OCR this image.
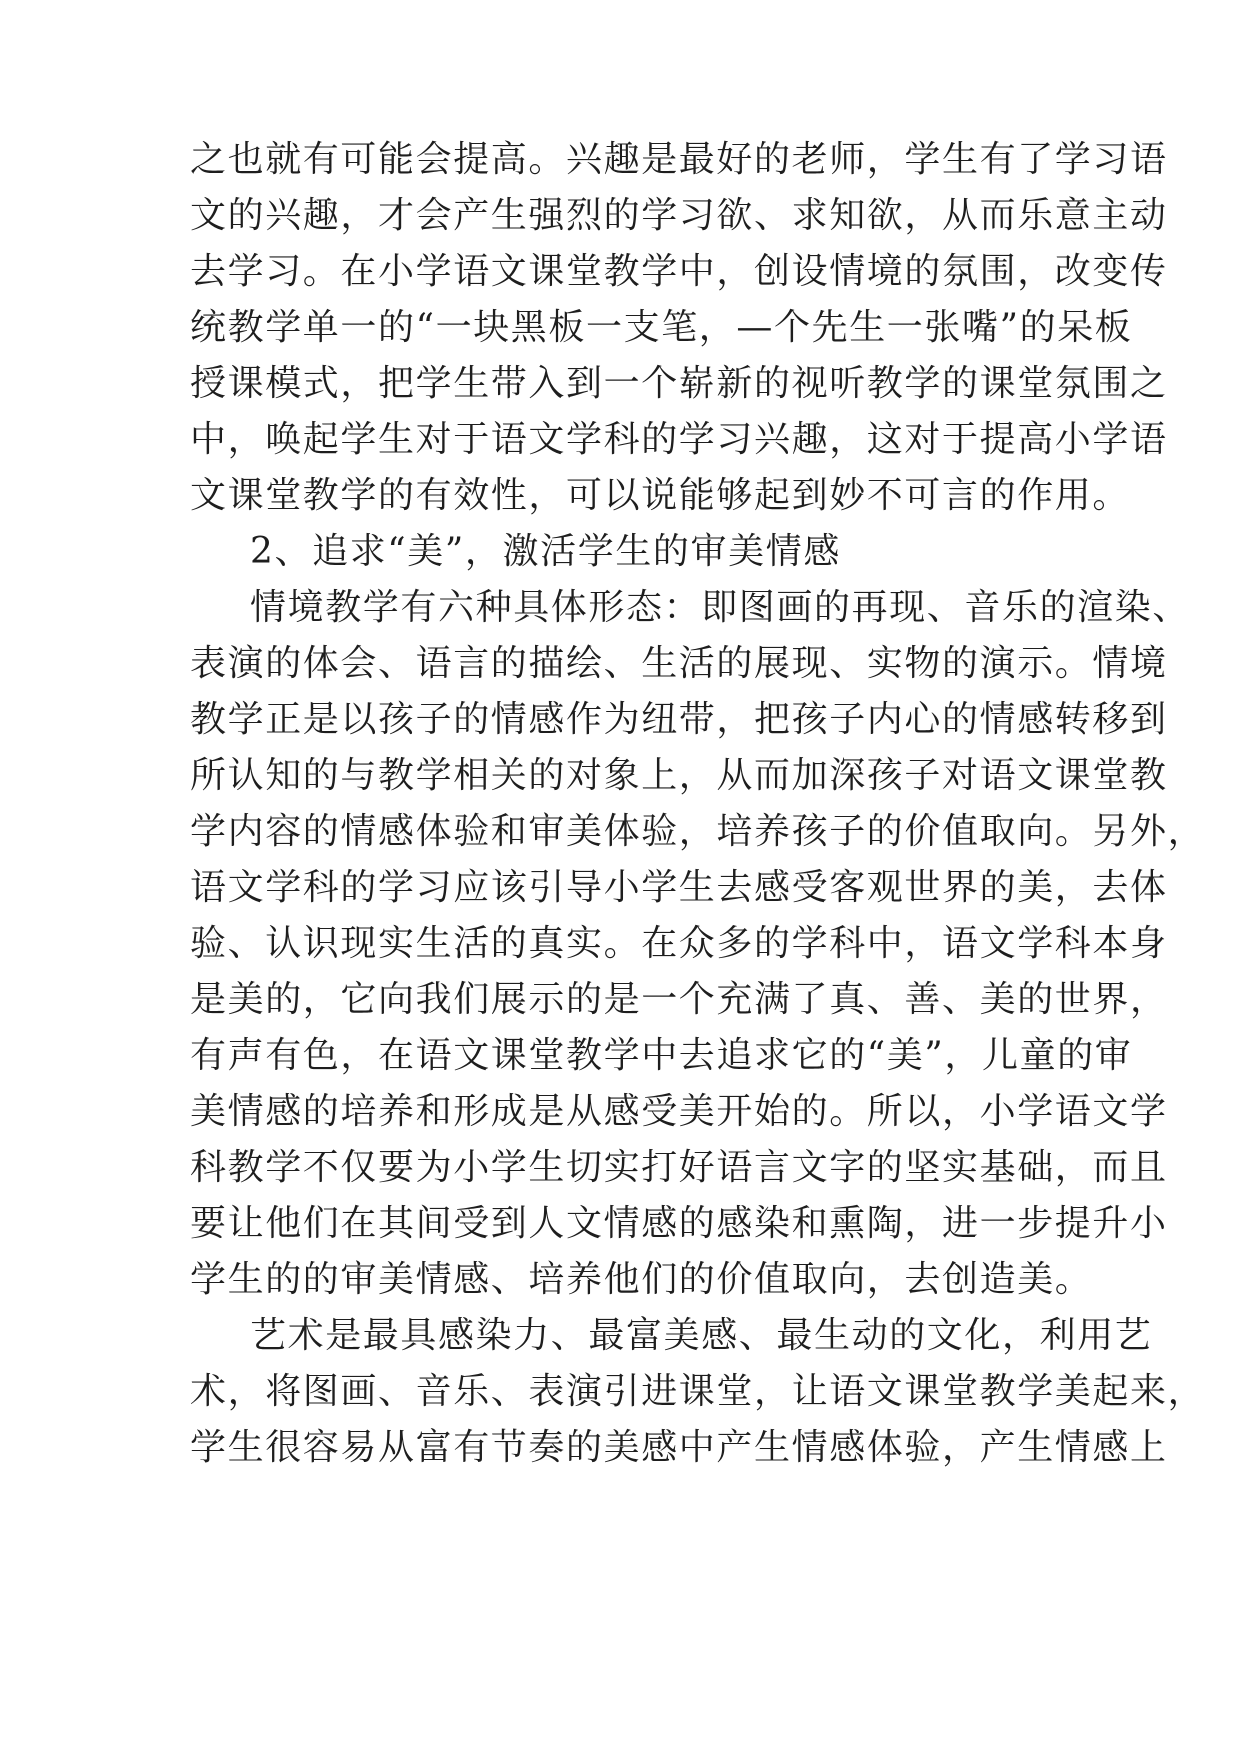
之也就有可能会提高。兴趣是最好的老师，学生有了学习语

文的兴趣，才会产生强烈的学习欲、求知欲，从而乐意主动

去学习。在小学语文课堂教学中，创设情境的氛围，改变传

统教学单一的“一块黑板一支笔，—个先生一张嘴”的呆板

授课模式，把学生带入到一个崭新的视听教学的课堂氛围之

中，唤起学生对于语文学科的学习兴趣，这对于提高小学语

文课堂教学的有效性，可以说能够起到妙不可言的作用。

2、追求“美”，激活学生的审美情感

情境教学有六种具体形态：即图画的再现、音乐的渲染、

表演的体会、语言的描绘、生活的展现、实物的演示。情境

教学正是以孩子的情感作为纽带，把孩子内心的情感转移到

所认知的与教学相关的对象上，从而加深孩子对语文课堂教

学内容的情感体验和审美体验，培养孩子的价值取向。另外，

语文学科的学习应该引导小学生去感受客观世界的美，去体

验、认识现实生活的真实。在众多的学科中，语文学科本身

是美的，它向我们展示的是一个充满了真、善、美的世界，

有声有色，在语文课堂教学中去追求它的“美”，儿童的审

美情感的培养和形成是从感受美开始的。所以，小学语文学

科教学不仅要为小学生切实打好语言文字的坚实基础，而且

要让他们在其间受到人文情感的感染和熏陶，进一步提升小

学生的的审美情感、培养他们的价值取向，去创造美。

艺术是最具感染力、最富美感、最生动的文化，利用艺

术，将图画、音乐、表演引进课堂，让语文课堂教学美起来，

学生很容易从富有节奏的美感中产生情感体验，产生情感上
